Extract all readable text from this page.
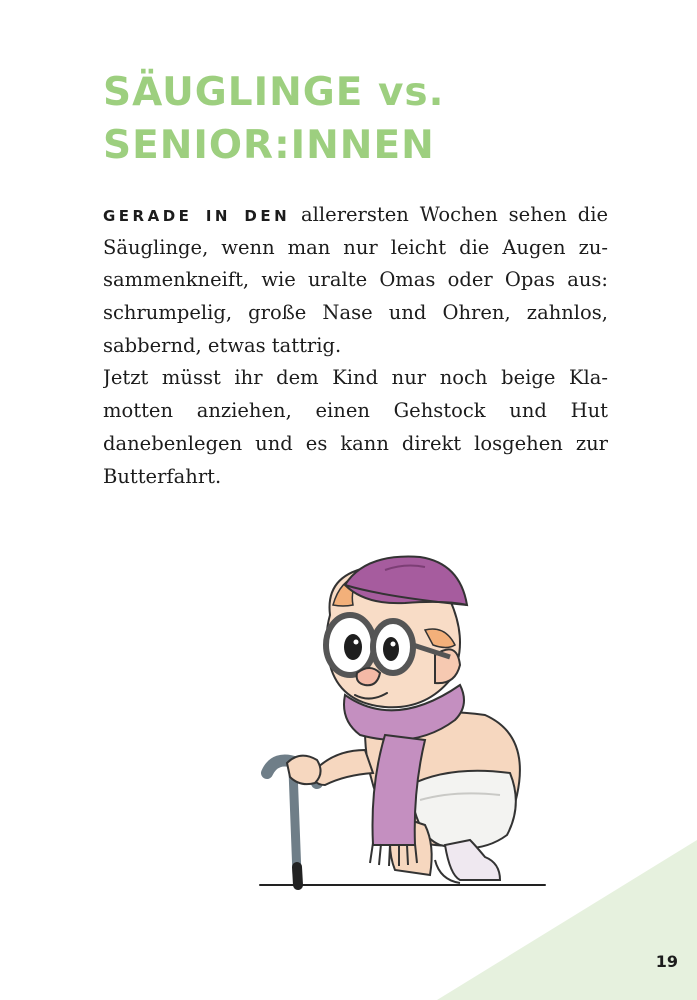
SÄUGLINGE vs.
SENIOR:INNEN
GERADE IN DEN allerersten Wochen sehen die
Säuglinge, wenn man nur leicht die Augen zu-
sammenkneift, wie uralte Omas oder Opas aus:
schrumpelig, große Nase und Ohren, zahnlos,
sabbernd, etwas tattrig.
Jetzt müsst ihr dem Kind nur noch beige Kla-
motten anziehen, einen Gehstock und Hut
danebenlegen und es kann direkt losgehen zur
Butterfahrt.
19
